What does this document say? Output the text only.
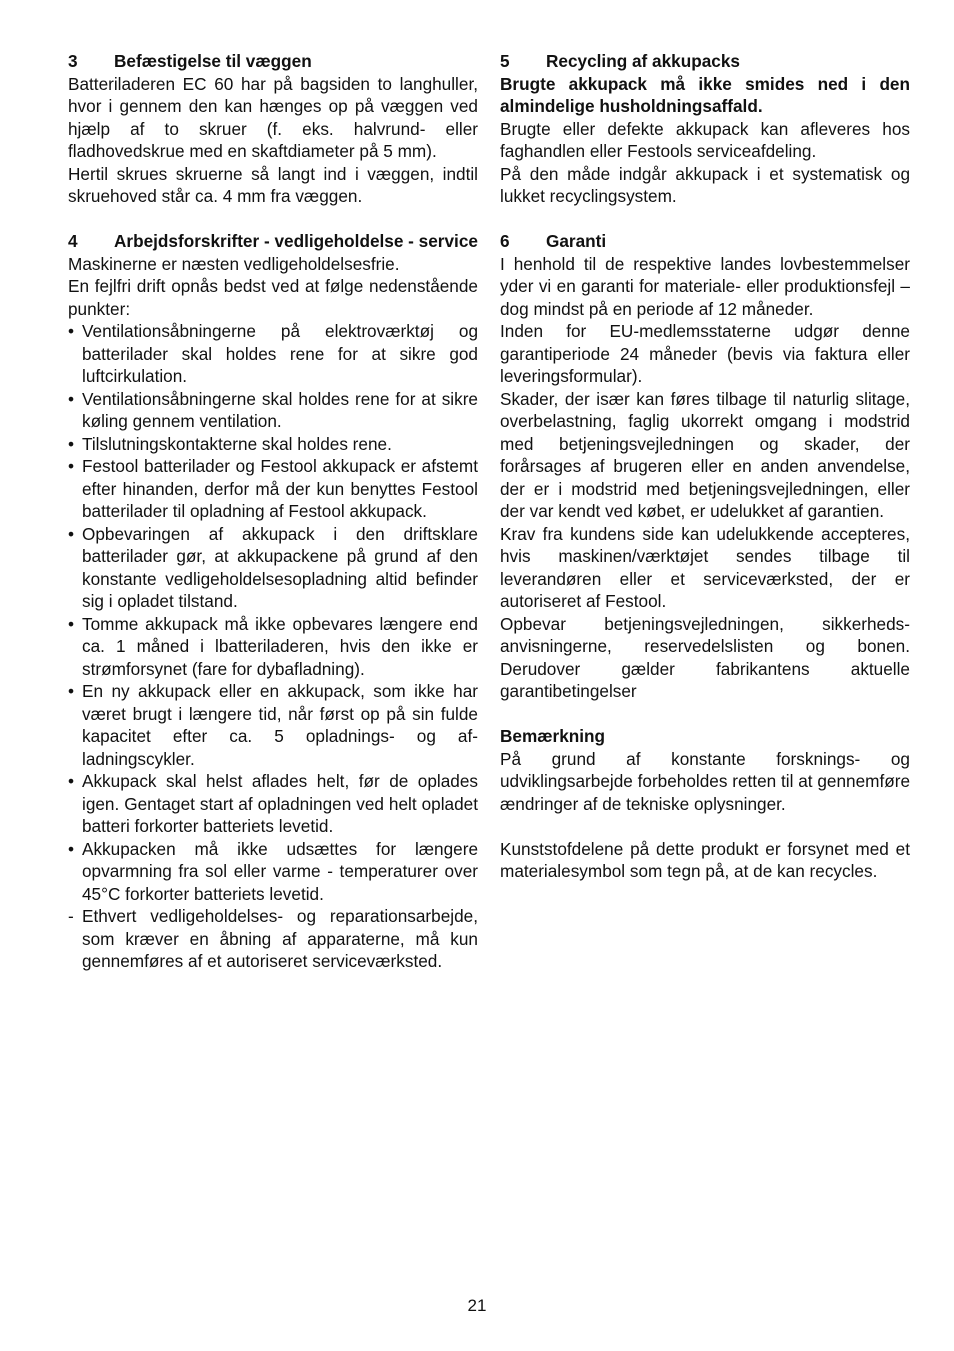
3	Befæstigelse til væggen

Batteriladeren EC 60 har på bagsiden to langhuller, hvor i gennem den kan hænges op på væggen ved hjælp af to skruer (f. eks. halvrund- eller fladhovedskrue med en skaftdiameter på 5 mm).

Hertil skrues skruerne så langt ind i væggen, indtil skruehoved står ca. 4 mm fra væggen.

4	Arbejdsforskrifter - vedligeholdelse - service

Maskinerne er næsten vedligeholdelsesfrie.

En fejlfri drift opnås bedst ved at følge nedenstående punkter:

• Ventilationsåbningerne på elektroværktøj og batterilader skal holdes rene for at sikre god luftcirkulation.
• Ventilationsåbningerne skal holdes rene for at sikre køling gennem ventilation.
• Tilslutningskontakterne skal holdes rene.
• Festool batterilader og Festool akkupack er afstemt efter hinanden, derfor må der kun benyttes Festool batterilader til opladning af Festool akkupack.
• Opbevaringen af akkupack i den driftsklare batterilader gør, at akkupackene på grund af den konstante vedligeholdelsesopladning altid befinder sig i opladet tilstand.
• Tomme akkupack må ikke opbevares længere end ca. 1 måned i lbatteriladeren, hvis den ikke er strømforsynet (fare for dybafladning).
• En ny akkupack eller en akkupack, som ikke har været brugt i længere tid, når først op på sin fulde kapacitet efter ca. 5 opladnings- og af-ladningscykler.
• Akkupack skal helst aflades helt, før de oplades igen. Gentaget start af opladningen ved helt opladet batteri forkorter batteriets levetid.
• Akkupacken må ikke udsættes for længere opvarmning fra sol eller varme - temperaturer over 45°C forkorter batteriets levetid.
- Ethvert vedligeholdelses- og reparationsarbejde, som kræver en åbning af apparaterne, må kun gennemføres af et autoriseret serviceværksted.
5	Recycling af akkupacks

Brugte akkupack må ikke smides ned i den almindelige husholdningsaffald.

Brugte eller defekte akkupack kan afleveres hos faghandlen eller Festools serviceafdeling.

På den måde indgår akkupack i et systematisk og lukket recyclingsystem.

6	Garanti

I henhold til de respektive landes lovbestemmelser yder vi en garanti for materiale- eller produktionsfejl – dog mindst på en periode af 12 måneder.

Inden for EU-medlemsstaterne udgør denne garantiperiode 24 måneder (bevis via faktura eller leveringsformular).

Skader, der især kan føres tilbage til naturlig slitage, overbelastning, faglig ukorrekt omgang i modstrid med betjeningsvejledningen og skader, der forårsages af brugeren eller en anden anvendelse, der er i modstrid med betjeningsvejledningen, eller der var kendt ved købet, er udelukket af garantien.

Krav fra kundens side kan udelukkende accepteres, hvis maskinen/værktøjet sendes tilbage til leverandøren eller et serviceværksted, der er autoriseret af Festool.

Opbevar betjeningsvejledningen, sikkerheds-anvisningerne, reservedelslisten og bonen. Derudover gælder fabrikantens aktuelle garantibetingelser

Bemærkning

På grund af konstante forsknings- og udviklingsarbejde forbeholdes retten til at gennemføre ændringer af de tekniske oplysninger.

Kunststofdelene på dette produkt er forsynet med et materialesymbol som tegn på, at de kan recycles.

21
